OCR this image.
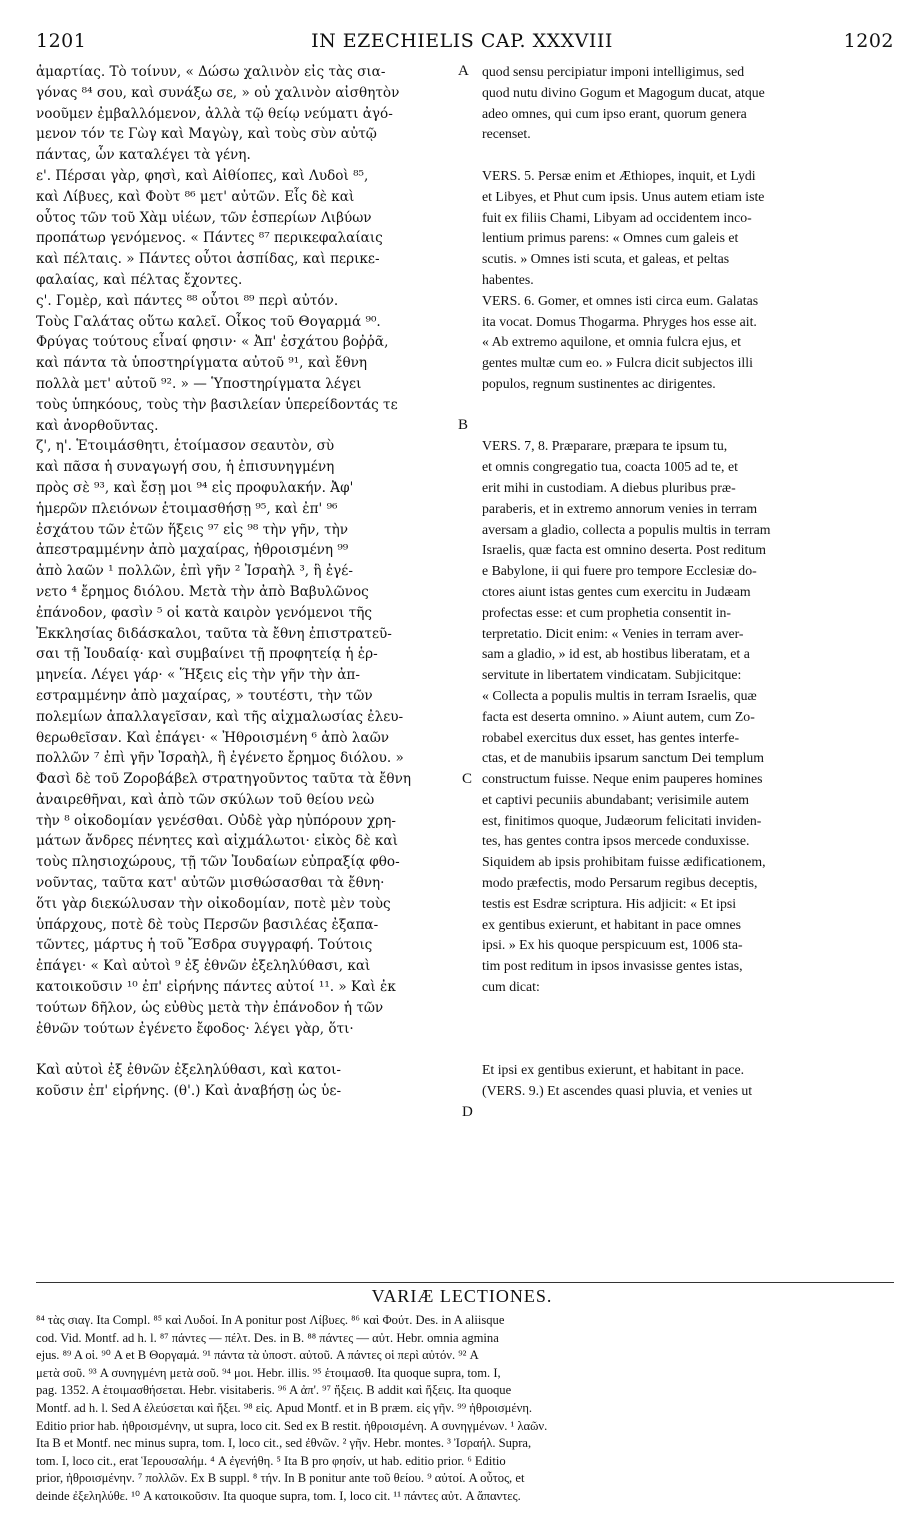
1201	IN EZECHIELIS CAP. XXXVIII	1202
ἁμαρτίας. Τὸ τοίνυν, « Δώσω χαλινὸν εἰς τὰς σια-
γόνας ⁸⁴ σου, καὶ συνάξω σε, » οὐ χαλινὸν αἰσθητὸν
νοοῦμεν ἐμβαλλόμενον, ἀλλὰ τῷ θείῳ νεύματι ἀγό-
μενον τόν τε Γὼγ καὶ Μαγὼγ, καὶ τοὺς σὺν αὐτῷ
πάντας, ὧν καταλέγει τὰ γένη.
ε'. Πέρσαι γὰρ, φησὶ, καὶ Αἰθίοπες, καὶ Λυδοὶ ⁸⁵,
καὶ Λίβυες, καὶ Φοὺτ ⁸⁶ μετ' αὐτῶν. Εἷς δὲ καὶ
οὗτος τῶν τοῦ Χὰμ υἱέων, τῶν ἑσπερίων Λιβύων
προπάτωρ γενόμενος. « Πάντες ⁸⁷ περικεφαλαίαις
καὶ πέλταις. » Πάντες οὗτοι ἀσπίδας, καὶ περικε-
φαλαίας, καὶ πέλτας ἔχοντες.
ς'. Γομὲρ, καὶ πάντες ⁸⁸ οὗτοι ⁸⁹ περὶ αὐτόν.
Τοὺς Γαλάτας οὕτω καλεῖ. Οἶκος τοῦ Θογαρμά ⁹⁰.
Φρύγας τούτους εἶναί φησιν· « Ἀπ' ἐσχάτου βοῤῥᾶ,
καὶ πάντα τὰ ὑποστηρίγματα αὐτοῦ ⁹¹, καὶ ἔθνη
πολλὰ μετ' αὐτοῦ ⁹². » — Ὑποστηρίγματα λέγει
τοὺς ὑπηκόους, τοὺς τὴν βασιλείαν ὑπερείδοντάς τε
καὶ ἀνορθοῦντας.
ζ', η'. Ἑτοιμάσθητι, ἑτοίμασον σεαυτὸν, σὺ
καὶ πᾶσα ἡ συναγωγή σου, ἡ ἐπισυνηγμένη
πρὸς σὲ ⁹³, καὶ ἔσῃ μοι ⁹⁴ εἰς προφυλακήν. Ἀφ'
ἡμερῶν πλειόνων ἑτοιμασθήσῃ ⁹⁵, καὶ ἐπ' ⁹⁶
ἐσχάτου τῶν ἐτῶν ἥξεις ⁹⁷ εἰς ⁹⁸ τὴν γῆν, τὴν
ἀπεστραμμένην ἀπὸ μαχαίρας, ἠθροισμένη ⁹⁹
ἀπὸ λαῶν ¹ πολλῶν, ἐπὶ γῆν ² Ἰσραὴλ ³, ἣ ἐγέ-
νετο ⁴ ἔρημος διόλου. Μετὰ τὴν ἀπὸ Βαβυλῶνος
ἐπάνοδον, φασὶν ⁵ οἱ κατὰ καιρὸν γενόμενοι τῆς
Ἐκκλησίας διδάσκαλοι, ταῦτα τὰ ἔθνη ἐπιστρατεῦ-
σαι τῇ Ἰουδαίᾳ· καὶ συμβαίνει τῇ προφητείᾳ ἡ ἑρ-
μηνεία. Λέγει γάρ· « Ἥξεις εἰς τὴν γῆν τὴν ἀπ-
εστραμμένην ἀπὸ μαχαίρας, » τουτέστι, τὴν τῶν
πολεμίων ἀπαλλαγεῖσαν, καὶ τῆς αἰχμαλωσίας ἐλευ-
θερωθεῖσαν. Καὶ ἐπάγει· « Ἠθροισμένη ⁶ ἀπὸ λαῶν
πολλῶν ⁷ ἐπὶ γῆν Ἰσραὴλ, ἣ ἐγένετο ἔρημος διόλου. »
Φασὶ δὲ τοῦ Ζοροβάβελ στρατηγοῦντος ταῦτα τὰ ἔθνη
ἀναιρεθῆναι, καὶ ἀπὸ τῶν σκύλων τοῦ θείου νεὼ
τὴν ⁸ οἰκοδομίαν γενέσθαι. Οὐδὲ γὰρ ηὐπόρουν χρη-
μάτων ἄνδρες πένητες καὶ αἰχμάλωτοι· εἰκὸς δὲ καὶ
τοὺς πλησιοχώρους, τῇ τῶν Ἰουδαίων εὐπραξίᾳ φθο-
νοῦντας, ταῦτα κατ' αὐτῶν μισθώσασθαι τὰ ἔθνη·
ὅτι γὰρ διεκώλυσαν τὴν οἰκοδομίαν, ποτὲ μὲν τοὺς
ὑπάρχους, ποτὲ δὲ τοὺς Περσῶν βασιλέας ἐξαπα-
τῶντες, μάρτυς ἡ τοῦ Ἔσδρα συγγραφή. Τούτοις
ἐπάγει· « Καὶ αὐτοὶ ⁹ ἐξ ἐθνῶν ἐξεληλύθασι, καὶ
κατοικοῦσιν ¹⁰ ἐπ' εἰρήνης πάντες αὐτοί ¹¹. » Καὶ ἐκ
τούτων δῆλον, ὡς εὐθὺς μετὰ τὴν ἐπάνοδον ἡ τῶν
ἐθνῶν τούτων ἐγένετο ἔφοδος· λέγει γὰρ, ὅτι·
Καὶ αὐτοὶ ἐξ ἐθνῶν ἐξεληλύθασι, καὶ κατοι-
κοῦσιν ἐπ' εἰρήνης. (θ'.) Καὶ ἀναβήσῃ ὡς ὑε-
quod sensu percipiatur imponi intelligimus, sed
quod nutu divino Gogum et Magogum ducat, atque
adeo omnes, qui cum ipso erant, quorum genera
recenset.
VERS. 5. Persæ enim et Æthiopes, inquit, et Lydi
et Libyes, et Phut cum ipsis. Unus autem etiam iste
fuit ex filiis Chami, Libyam ad occidentem inco-
lentium primus parens: « Omnes cum galeis et
scutis. » Omnes isti scuta, et galeas, et peltas
habentes.
VERS. 6. Gomer, et omnes isti circa eum. Galatas
ita vocat. Domus Thogarma. Phryges hos esse ait.
« Ab extremo aquilone, et omnia fulcra ejus, et
gentes multæ cum eo. » Fulcra dicit subjectos illi
populos, regnum sustinentes ac dirigentes.
VERS. 7, 8. Præparare, præpara te ipsum tu,
et omnis congregatio tua, coacta 1005 ad te, et
erit mihi in custodiam. A diebus pluribus præ-
paraberis, et in extremo annorum venies in terram
aversam a gladio, collecta a populis multis in terram
Israelis, quæ facta est omnino deserta. Post reditum
e Babylone, ii qui fuere pro tempore Ecclesiæ do-
ctores aiunt istas gentes cum exercitu in Judæam
profectas esse: et cum prophetia consentit in-
terpretatio. Dicit enim: « Venies in terram aver-
sam a gladio, » id est, ab hostibus liberatam, et a
servitute in libertatem vindicatam. Subjicitque:
« Collecta a populis multis in terram Israelis, quæ
facta est deserta omnino. » Aiunt autem, cum Zo-
robabel exercitus dux esset, has gentes interfe-
ctas, et de manubiis ipsarum sanctum Dei templum
constructum fuisse. Neque enim pauperes homines
et captivi pecuniis abundabant; verisimile autem
est, finitimos quoque, Judæorum felicitati inviden-
tes, has gentes contra ipsos mercede conduxisse.
Siquidem ab ipsis prohibitam fuisse ædificationem,
modo præfectis, modo Persarum regibus deceptis,
testis est Esdræ scriptura. His adjicit: « Et ipsi
ex gentibus exierunt, et habitant in pace omnes
ipsi. » Ex his quoque perspicuum est, 1006 sta-
tim post reditum in ipsos invasisse gentes istas,
cum dicat:
Et ipsi ex gentibus exierunt, et habitant in pace.
(VERS. 9.) Et ascendes quasi pluvia, et venies ut
A
B
C
D
VARIÆ LECTIONES.
⁸⁴ τὰς σιαγ. Ita Compl. ⁸⁵ καὶ Λυδοί. In A ponitur post Λίβυες. ⁸⁶ καὶ Φούτ. Des. in A aliisque
cod. Vid. Montf. ad h. l. ⁸⁷ πάντες — πέλτ. Des. in B. ⁸⁸ πάντες — αὐτ. Hebr. omnia agmina
ejus. ⁸⁹ A οἱ. ⁹⁰ A et B Θοργαμά. ⁹¹ πάντα τὰ ὑποστ. αὐτοῦ. A πάντες οἱ περὶ αὐτόν. ⁹² A
μετὰ σοῦ. ⁹³ A συνηγμένη μετὰ σοῦ. ⁹⁴ μοι. Hebr. illis. ⁹⁵ ἑτοιμασθ. Ita quoque supra, tom. I,
pag. 1352. A ἑτοιμασθήσεται. Hebr. visitaberis. ⁹⁶ A ἀπ'. ⁹⁷ ἥξεις. B addit καὶ ἥξεις. Ita quoque
Montf. ad h. l. Sed A ἐλεύσεται καὶ ἥξει. ⁹⁸ εἰς. Apud Montf. et in B præm. εἰς γῆν. ⁹⁹ ἠθροισμένη.
Editio prior hab. ἠθροισμένην, ut supra, loco cit. Sed ex B restit. ἠθροισμένη. A συνηγμένων. ¹ λαῶν.
Ita B et Montf. nec minus supra, tom. I, loco cit., sed ἐθνῶν. ² γῆν. Hebr. montes. ³ Ἰσραήλ. Supra,
tom. I, loco cit., erat Ἱερουσαλήμ. ⁴ A ἐγενήθη. ⁵ Ita B pro φησίν, ut hab. editio prior. ⁶ Editio
prior, ἠθροισμένην. ⁷ πολλῶν. Ex B suppl. ⁸ τήν. In B ponitur ante τοῦ θείου. ⁹ αὐτοί. A οὗτος, et
deinde ἐξεληλύθε. ¹⁰ A κατοικοῦσιν. Ita quoque supra, tom. I, loco cit. ¹¹ πάντες αὐτ. A ἅπαντες.
